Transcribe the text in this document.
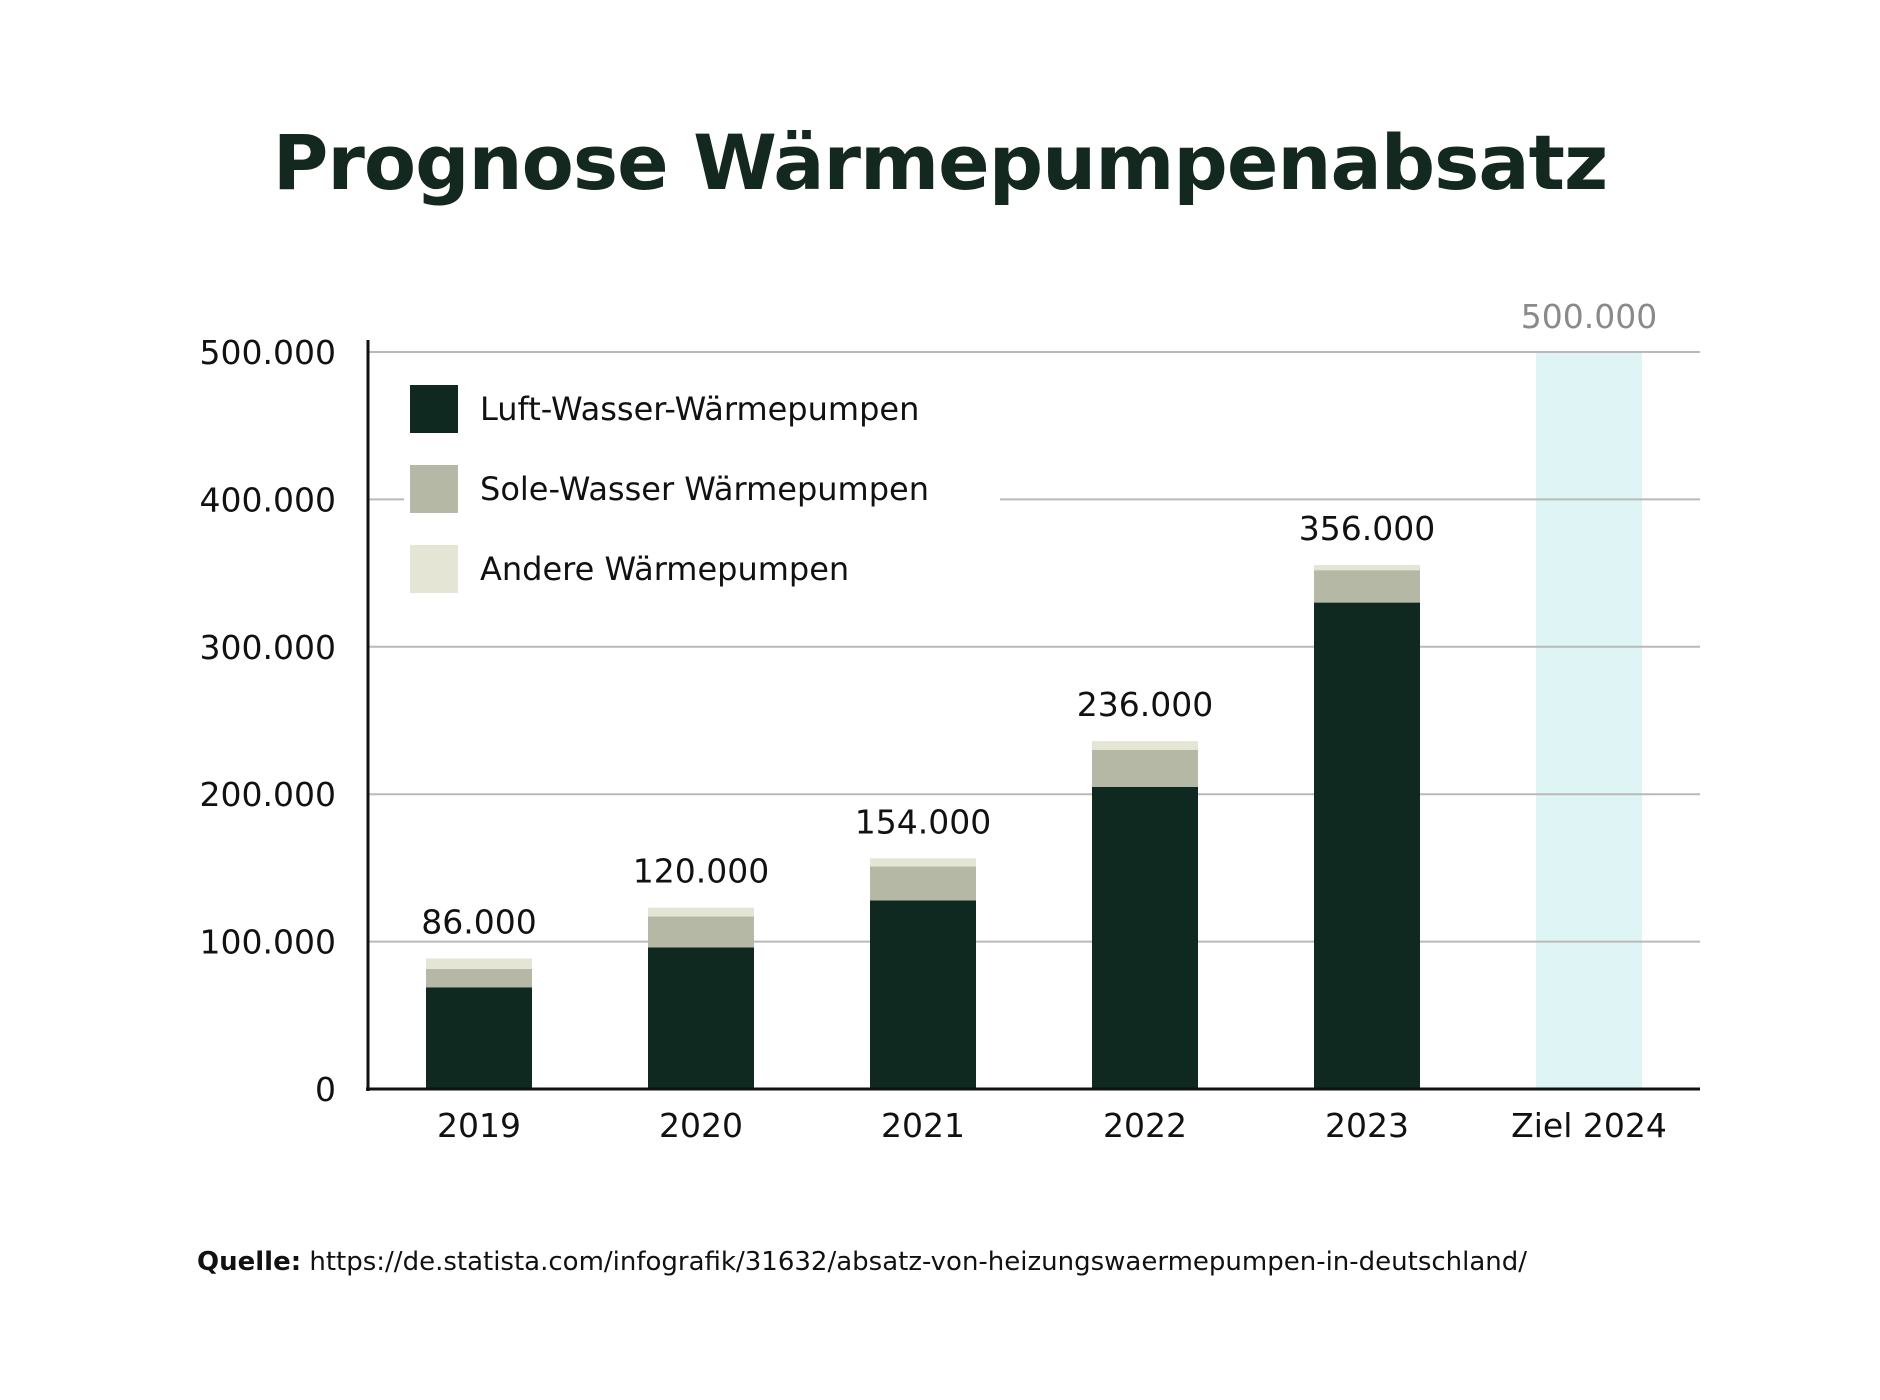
Prognose Wärmepumpenabsatz
0
100.000
200.000
300.000
400.000
500.000
2019	2020	2021	2022	2023	Ziel 2024
500.000
86.000
120.000
154.000
236.000
356.000
Luft-Wasser-Wärmepumpen
Sole-Wasser Wärmepumpen
Andere Wärmepumpen
Quelle: https://de.statista.com/infografik/31632/absatz-von-heizungswaermepumpen-in-deutschland/
